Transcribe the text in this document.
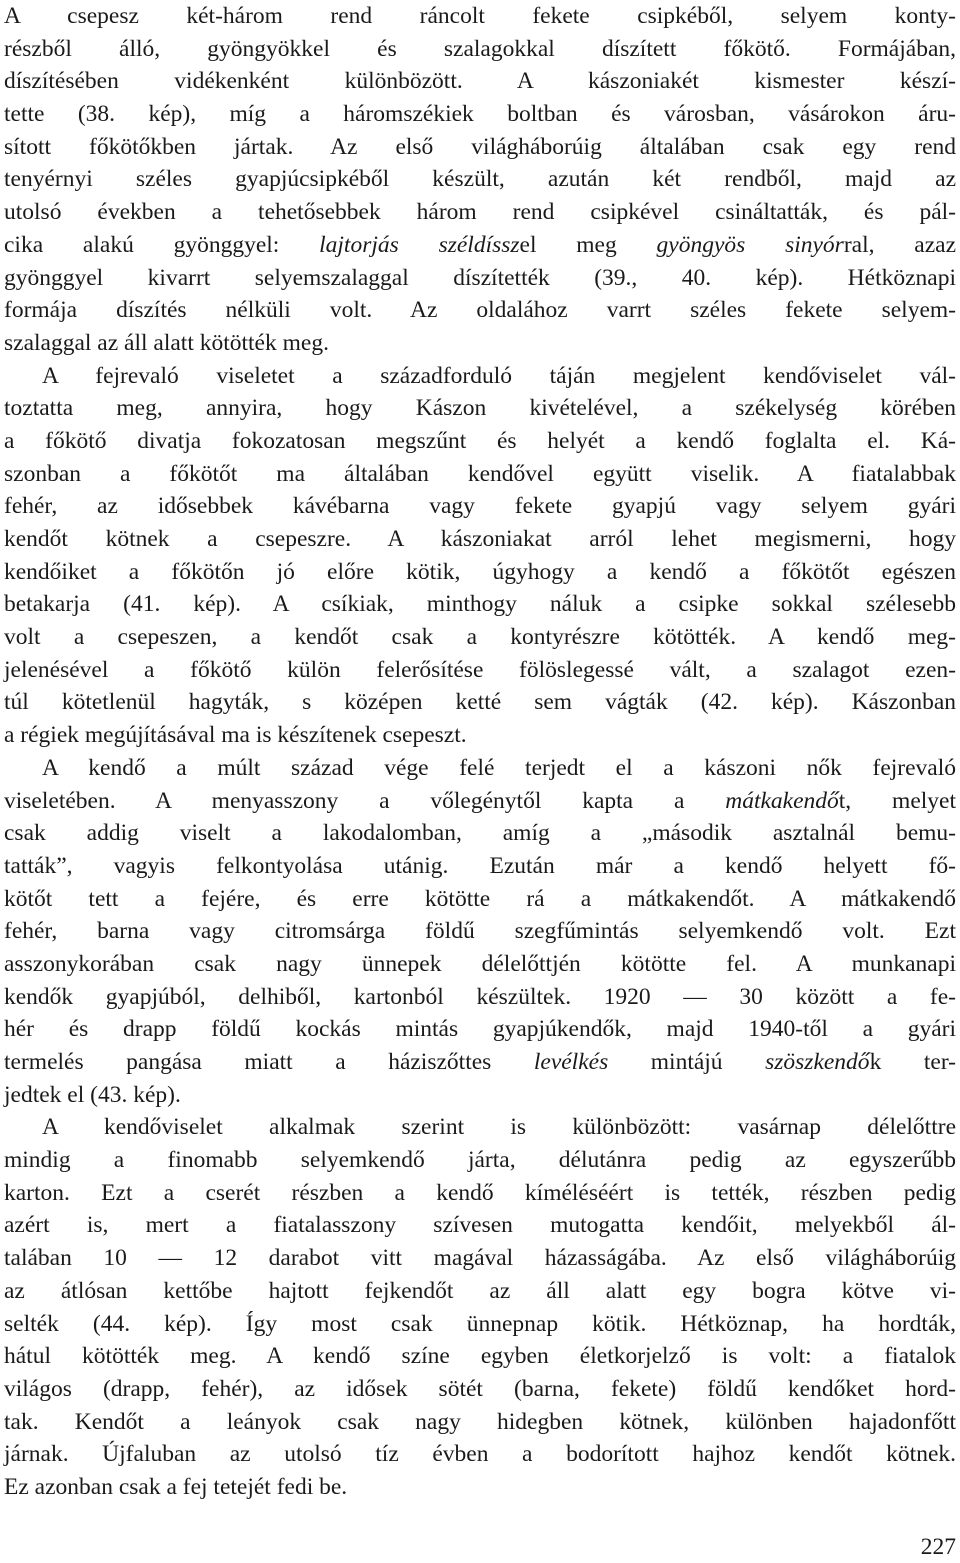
A csepesz két-három rend ráncolt fekete csipkéből, selyem konty-
részből álló, gyöngyökkel és szalagokkal díszített főkötő. Formájában,
díszítésében vidékenként különbözött. A kászoniakét kismester készí-
tette (38. kép), míg a háromszékiek boltban és városban, vásárokon áru-
sított főkötőkben jártak. Az első világháborúig általában csak egy rend
tenyérnyi széles gyapjúcsipkéből készült, azután két rendből, majd az
utolsó években a tehetősebbek három rend csipkével csináltatták, és pál-
cika alakú gyönggyel: lajtorjás széldísszel meg gyöngyös sinyórral, azaz
gyönggyel kivarrt selyemszalaggal díszítették (39., 40. kép). Hétköznapi
formája díszítés nélküli volt. Az oldalához varrt széles fekete selyem-
szalaggal az áll alatt kötötték meg.
A fejrevaló viseletet a századforduló táján megjelent kendőviselet vál-
toztatta meg, annyira, hogy Kászon kivételével, a székelység körében
a főkötő divatja fokozatosan megszűnt és helyét a kendő foglalta el. Ká-
szonban a főkötőt ma általában kendővel együtt viselik. A fiatalabbak
fehér, az idősebbek kávébarna vagy fekete gyapjú vagy selyem gyári
kendőt kötnek a csepeszre. A kászoniakat arról lehet megismerni, hogy
kendőiket a főkötőn jó előre kötik, úgyhogy a kendő a főkötőt egészen
betakarja (41. kép). A csíkiak, minthogy náluk a csipke sokkal szélesebb
volt a csepeszen, a kendőt csak a kontyrészre kötötték. A kendő meg-
jelenésével a főkötő külön felerősítése fölöslegessé vált, a szalagot ezen-
túl kötetlenül hagyták, s középen ketté sem vágták (42. kép). Kászonban
a régiek megújításával ma is készítenek csepeszt.
A kendő a múlt század vége felé terjedt el a kászoni nők fejrevaló
viseletében. A menyasszony a vőlegénytől kapta a mátkakendőt, melyet
csak addig viselt a lakodalomban, amíg a „második asztalnál bemu-
tatták”, vagyis felkontyolása utánig. Ezután már a kendő helyett fő-
kötőt tett a fejére, és erre kötötte rá a mátkakendőt. A mátkakendő
fehér, barna vagy citromsárga földű szegfűmintás selyemkendő volt. Ezt
asszonykorában csak nagy ünnepek délelőttjén kötötte fel. A munkanapi
kendők gyapjúból, delhiből, kartonból készültek. 1920 — 30 között a fe-
hér és drapp földű kockás mintás gyapjúkendők, majd 1940-től a gyári
termelés pangása miatt a háziszőttes levélkés mintájú szöszkendők ter-
jedtek el (43. kép).
A kendőviselet alkalmak szerint is különbözött: vasárnap délelőttre
mindig a finomabb selyemkendő járta, délutánra pedig az egyszerűbb
karton. Ezt a cserét részben a kendő kíméléséért is tették, részben pedig
azért is, mert a fiatalasszony szívesen mutogatta kendőit, melyekből ál-
talában 10 — 12 darabot vitt magával házasságába. Az első világháborúig
az átlósan kettőbe hajtott fejkendőt az áll alatt egy bogra kötve vi-
selték (44. kép). Így most csak ünnepnap kötik. Hétköznap, ha hordták,
hátul kötötték meg. A kendő színe egyben életkorjelző is volt: a fiatalok
világos (drapp, fehér), az idősek sötét (barna, fekete) földű kendőket hord-
tak. Kendőt a leányok csak nagy hidegben kötnek, különben hajadonfőtt
járnak. Újfaluban az utolsó tíz évben a bodorított hajhoz kendőt kötnek.
Ez azonban csak a fej tetejét fedi be.
227
